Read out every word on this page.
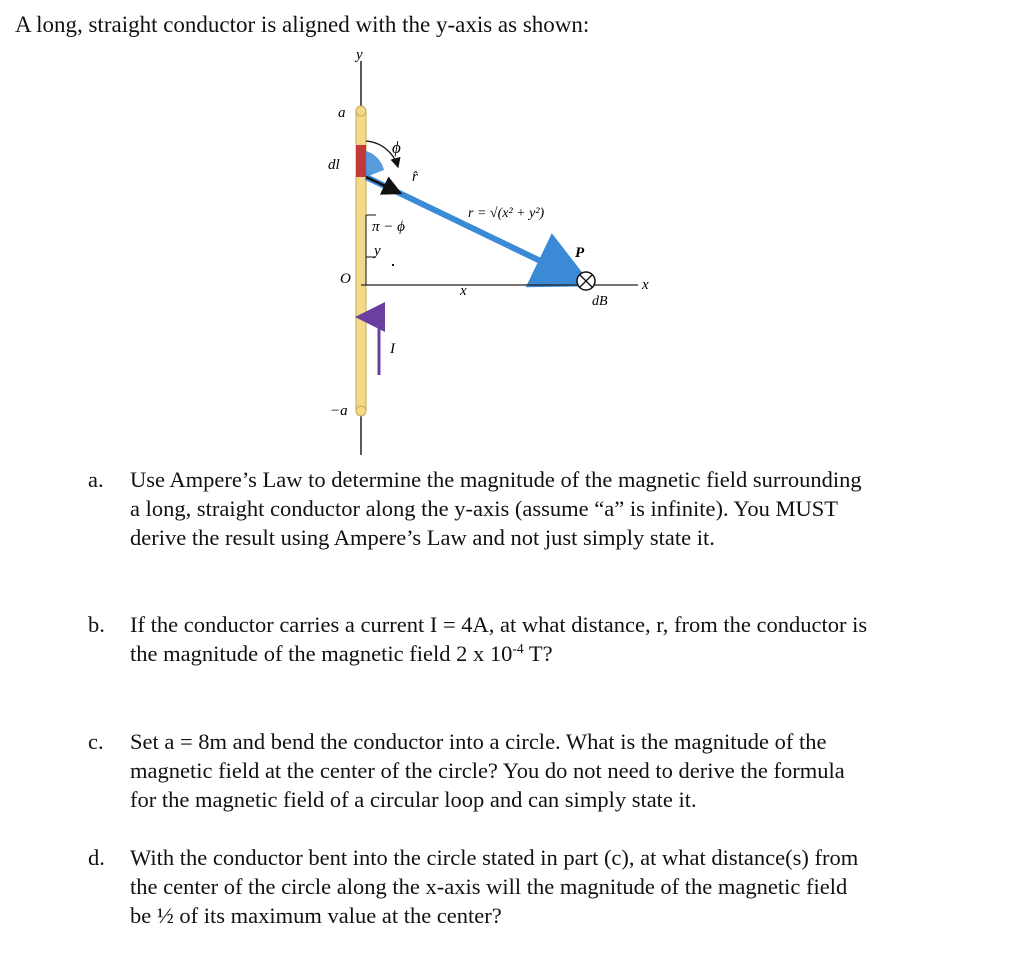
A long, straight conductor is aligned with the y-axis as shown:
y
a
dl
ϕ
r̂
π − ϕ
y
r = √(x² + y²)
P
O
x	x
dB
I
−a
a.	Use Ampere’s Law to determine the magnitude of the magnetic field surrounding
a long, straight conductor along the y-axis (assume “a” is infinite). You MUST
derive the result using Ampere’s Law and not just simply state it.
b.	If the conductor carries a current I = 4A, at what distance, r, from the conductor is
the magnitude of the magnetic field 2 x $10^{-4}$ T?
c.	Set a = 8m and bend the conductor into a circle. What is the magnitude of the
magnetic field at the center of the circle? You do not need to derive the formula
for the magnetic field of a circular loop and can simply state it.
d.	With the conductor bent into the circle stated in part (c), at what distance(s) from
the center of the circle along the x-axis will the magnitude of the magnetic field
be ½ of its maximum value at the center?
